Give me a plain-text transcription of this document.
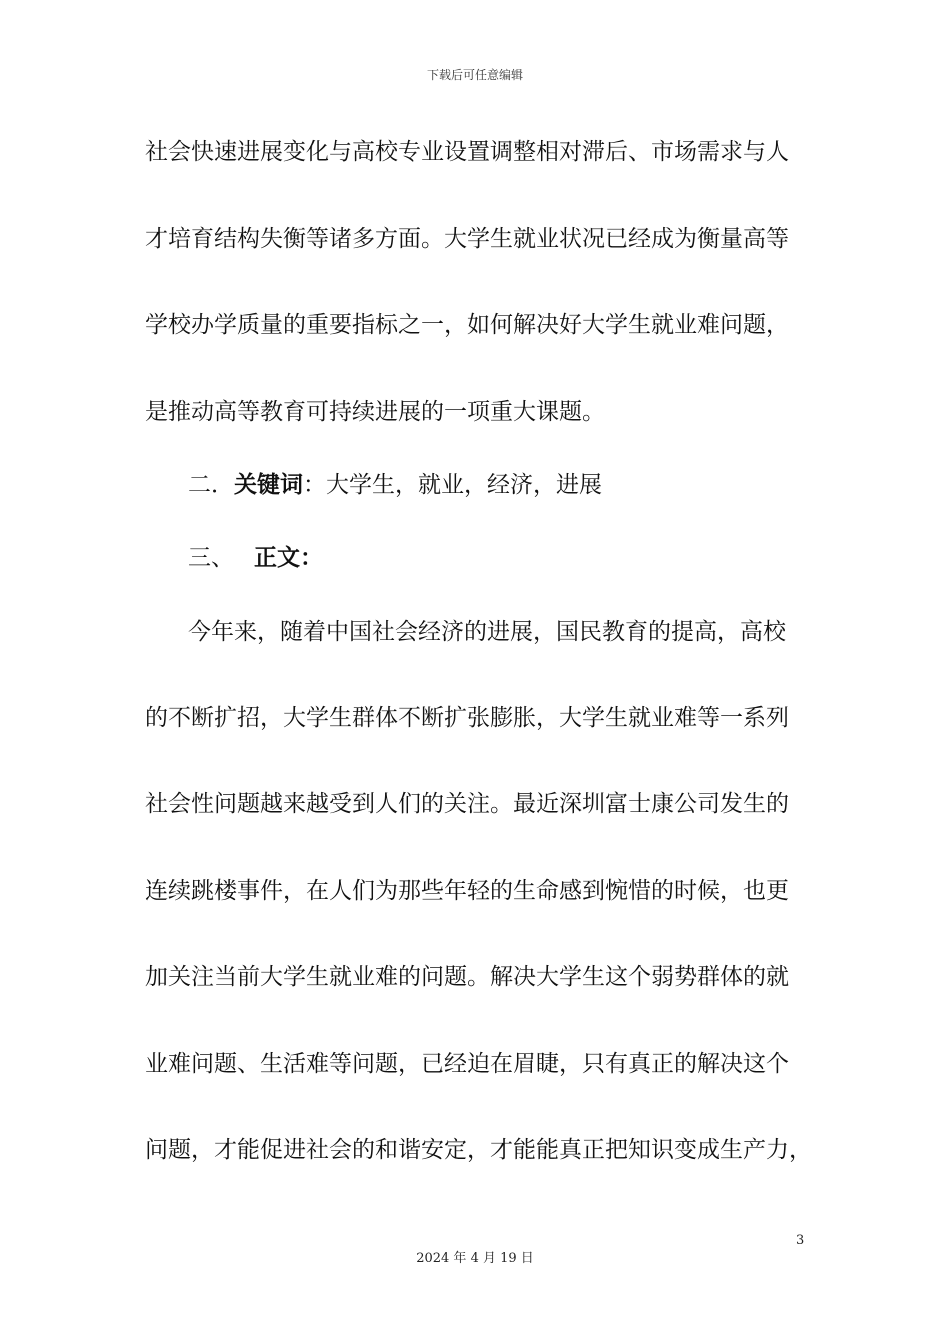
下载后可任意编辑
社会快速进展变化与高校专业设置调整相对滞后、市场需求与人
才培育结构失衡等诸多方面。大学生就业状况已经成为衡量高等
学校办学质量的重要指标之一，如何解决好大学生就业难问题，
是推动高等教育可持续进展的一项重大课题。
二．关键词：大学生，就业，经济，进展
三、 正文：
今年来，随着中国社会经济的进展，国民教育的提高，高校
的不断扩招，大学生群体不断扩张膨胀，大学生就业难等一系列
社会性问题越来越受到人们的关注。最近深圳富士康公司发生的
连续跳楼事件，在人们为那些年轻的生命感到惋惜的时候，也更
加关注当前大学生就业难的问题。解决大学生这个弱势群体的就
业难问题、生活难等问题，已经迫在眉睫，只有真正的解决这个
问题，才能促进社会的和谐安定，才能能真正把知识变成生产力，
3
2024 年 4 月 19 日
